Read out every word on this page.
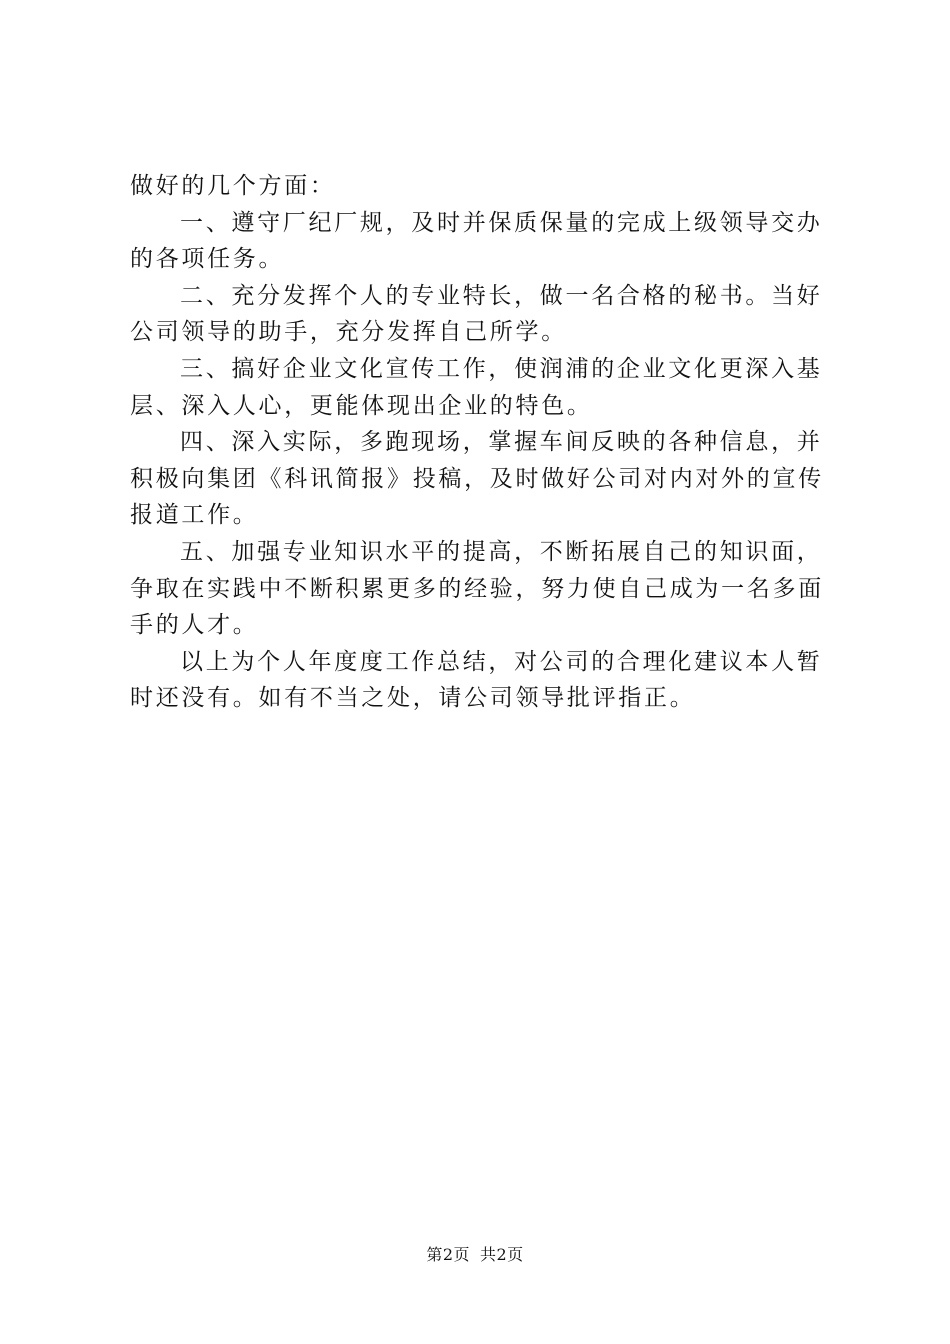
做好的几个方面：

一、遵守厂纪厂规，及时并保质保量的完成上级领导交办

的各项任务。

二、充分发挥个人的专业特长，做一名合格的秘书。当好

公司领导的助手，充分发挥自己所学。

三、搞好企业文化宣传工作，使润浦的企业文化更深入基

层、深入人心，更能体现出企业的特色。

四、深入实际，多跑现场，掌握车间反映的各种信息，并

积极向集团《科讯简报》投稿，及时做好公司对内对外的宣传

报道工作。

五、加强专业知识水平的提高，不断拓展自己的知识面，

争取在实践中不断积累更多的经验，努力使自己成为一名多面

手的人才。

以上为个人年度度工作总结，对公司的合理化建议本人暂

时还没有。如有不当之处，请公司领导批评指正。

第2页 共2页
